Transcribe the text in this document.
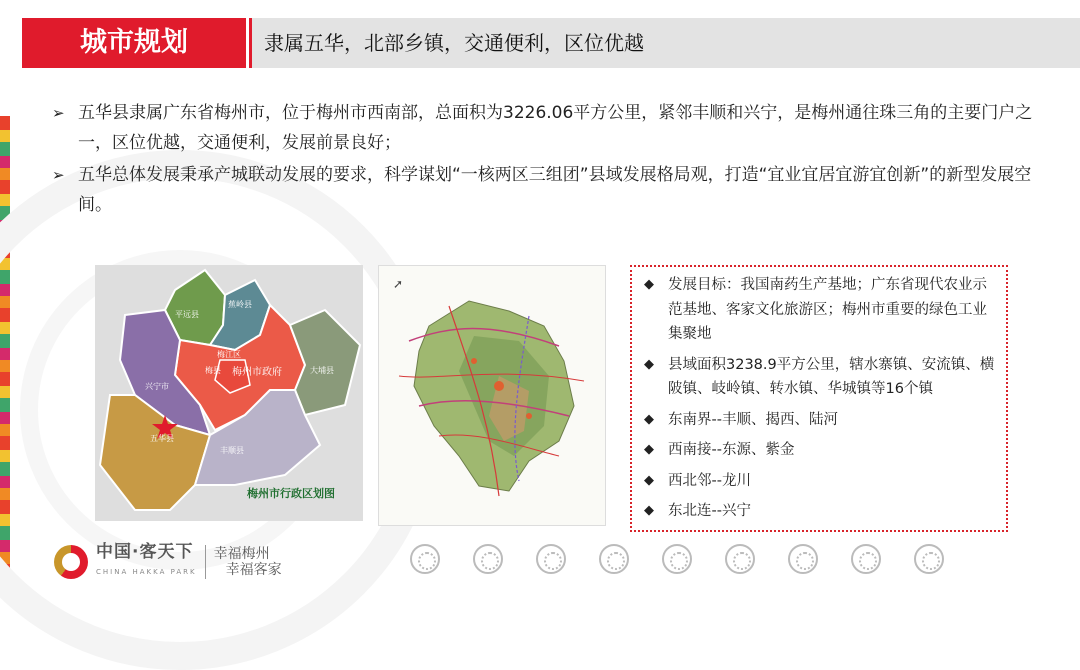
城市规划	隶属五华，北部乡镇，交通便利，区位优越
➢ 五华县隶属广东省梅州市，位于梅州市西南部，总面积为3226.06平方公里，紧邻丰顺和兴宁，是梅州通往珠三角的主要门户之一，区位优越，交通便利，发展前景良好；
➢ 五华总体发展秉承产城联动发展的要求，科学谋划“一核两区三组团”县域发展格局观，打造“宜业宜居宜游宜创新”的新型发展空间。
平远县
蕉岭县
梅江区
梅县 梅州市政府	大埔县
兴宁市
五华县
丰顺县
梅州市行政区划图
➚	◆ 发展目标：我国南药生产基地；广东省现代农业示范基地、客家文化旅游区；梅州市重要的绿色工业集聚地
◆ 县域面积3238.9平方公里，辖水寨镇、安流镇、横陂镇、岐岭镇、转水镇、华城镇等16个镇
◆ 东南界--丰顺、揭西、陆河
◆ 西南接--东源、紫金
◆ 西北邻--龙川
◆ 东北连--兴宁
中国·客天下
CHINA HAKKA PARK
幸福梅州
幸福客家
